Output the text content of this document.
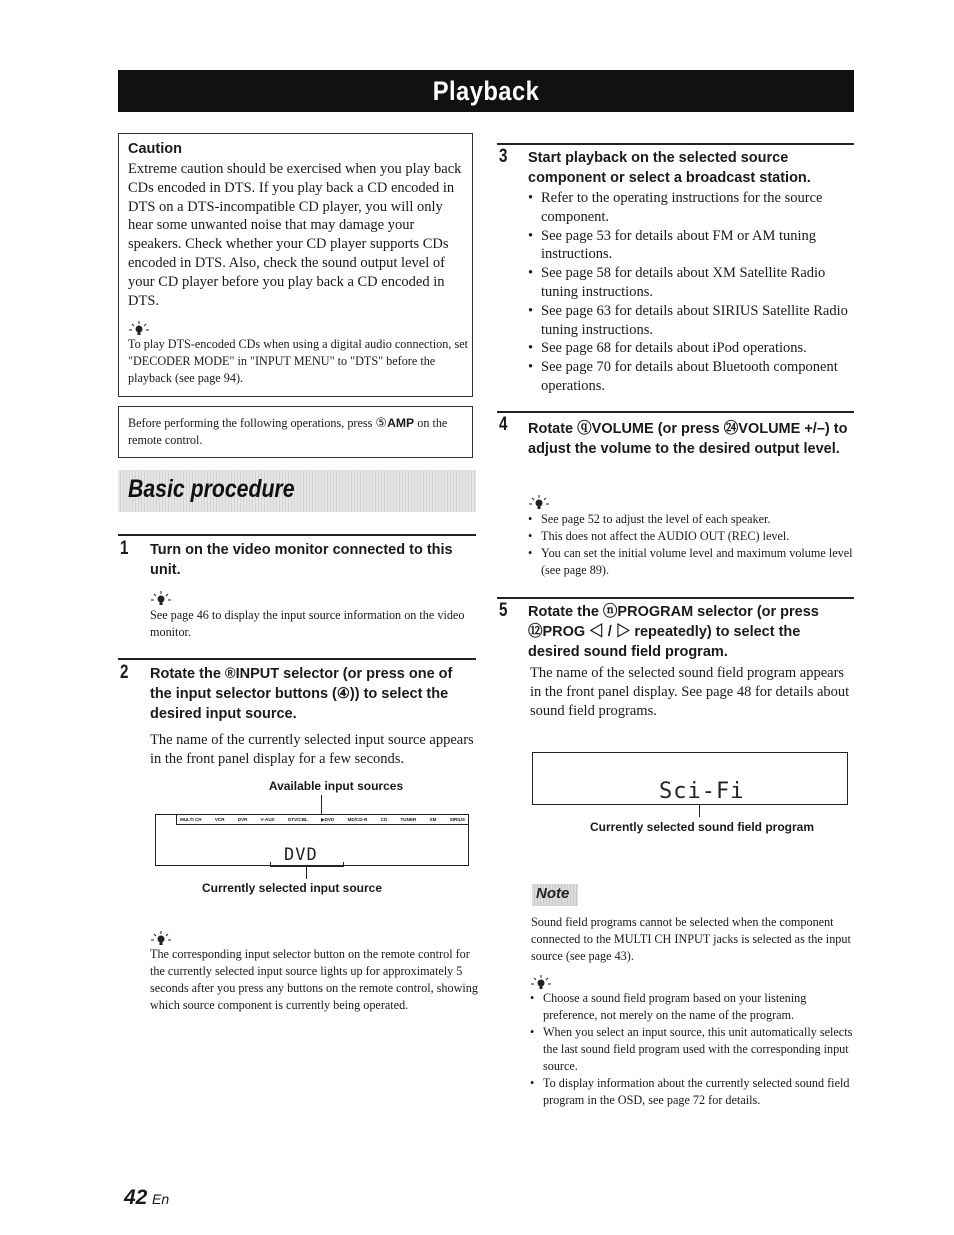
Playback
Caution
Extreme caution should be exercised when you play back CDs encoded in DTS. If you play back a CD encoded in DTS on a DTS-incompatible CD player, you will only hear some unwanted noise that may damage your speakers. Check whether your CD player supports CDs encoded in DTS. Also, check the sound output level of your CD player before you play back a CD encoded in DTS.
To play DTS-encoded CDs when using a digital audio connection, set "DECODER MODE" in "INPUT MENU" to "DTS" before the playback (see page 94).
Before performing the following operations, press ⑤AMP on the remote control.
Basic procedure
1 Turn on the video monitor connected to this unit.
See page 46 to display the input source information on the video monitor.
2 Rotate the ®INPUT selector (or press one of the input selector buttons (④)) to select the desired input source.
The name of the currently selected input source appears in the front panel display for a few seconds.
Available input sources
MULTI CH	VCR	DVR	V-AUX	DTV/CBL	▶DVD	MD/CD-R	CD	TUNER	XM	SIRIUS
DVD
Currently selected input source
The corresponding input selector button on the remote control for the currently selected input source lights up for approximately 5 seconds after you press any buttons on the remote control, showing which source component is currently being operated.
3 Start playback on the selected source component or select a broadcast station.
• Refer to the operating instructions for the source component.
• See page 53 for details about FM or AM tuning instructions.
• See page 58 for details about XM Satellite Radio tuning instructions.
• See page 63 for details about SIRIUS Satellite Radio tuning instructions.
• See page 68 for details about iPod operations.
• See page 70 for details about Bluetooth component operations.
4 Rotate ⓠVOLUME (or press ㉔VOLUME +/–) to adjust the volume to the desired output level.
• See page 52 to adjust the level of each speaker.
• This does not affect the AUDIO OUT (REC) level.
• You can set the initial volume level and maximum volume level (see page 89).
5 Rotate the ⓝPROGRAM selector (or press ⑫PROG ◁ / ▷ repeatedly) to select the desired sound field program.
The name of the selected sound field program appears in the front panel display. See page 48 for details about sound field programs.
Sci-Fi
Currently selected sound field program
Note
Sound field programs cannot be selected when the component connected to the MULTI CH INPUT jacks is selected as the input source (see page 43).
• Choose a sound field program based on your listening preference, not merely on the name of the program.
• When you select an input source, this unit automatically selects the last sound field program used with the corresponding input source.
• To display information about the currently selected sound field program in the OSD, see page 72 for details.
42 En
